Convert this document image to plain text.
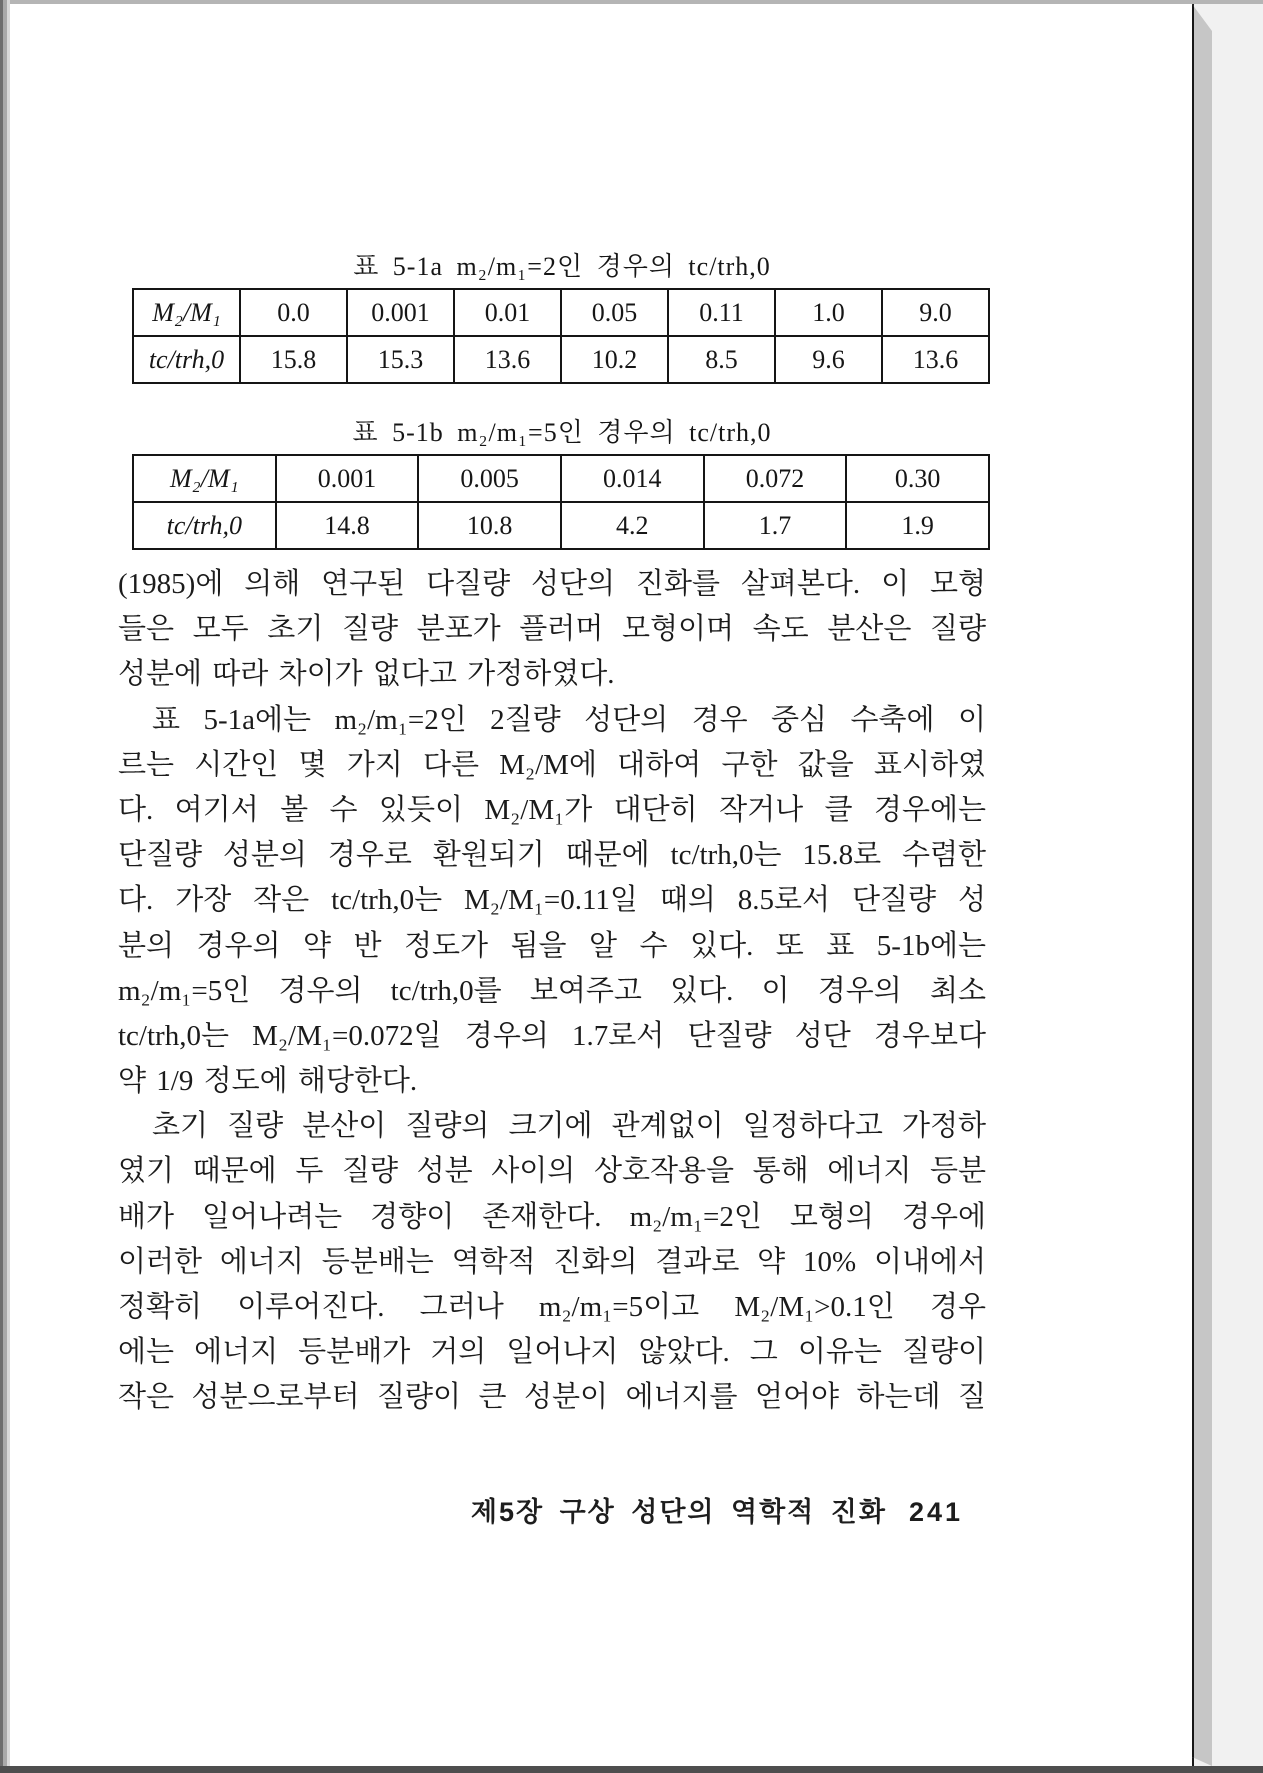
표 5-1a m₂/m₁=2인 경우의 tc/trh,0
M₂/M₁	0.0	0.001	0.01	0.05	0.11	1.0	9.0
tc/trh,0	15.8	15.3	13.6	10.2	8.5	9.6	13.6
표 5-1b m₂/m₁=5인 경우의 tc/trh,0
M₂/M₁	0.001	0.005	0.014	0.072	0.30
tc/trh,0	14.8	10.8	4.2	1.7	1.9
(1985)에 의해 연구된 다질량 성단의 진화를 살펴본다. 이 모형
들은 모두 초기 질량 분포가 플러머 모형이며 속도 분산은 질량
성분에 따라 차이가 없다고 가정하였다.
표 5-1a에는 m₂/m₁=2인 2질량 성단의 경우 중심 수축에 이
르는 시간인 몇 가지 다른 M₂/M에 대하여 구한 값을 표시하였
다. 여기서 볼 수 있듯이 M₂/M₁가 대단히 작거나 클 경우에는
단질량 성분의 경우로 환원되기 때문에 tc/trh,0는 15.8로 수렴한
다. 가장 작은 tc/trh,0는 M₂/M₁=0.11일 때의 8.5로서 단질량 성
분의 경우의 약 반 정도가 됨을 알 수 있다. 또 표 5-1b에는
m₂/m₁=5인 경우의 tc/trh,0를 보여주고 있다. 이 경우의 최소
tc/trh,0는 M₂/M₁=0.072일 경우의 1.7로서 단질량 성단 경우보다
약 1/9 정도에 해당한다.
초기 질량 분산이 질량의 크기에 관계없이 일정하다고 가정하
였기 때문에 두 질량 성분 사이의 상호작용을 통해 에너지 등분
배가 일어나려는 경향이 존재한다. m₂/m₁=2인 모형의 경우에
이러한 에너지 등분배는 역학적 진화의 결과로 약 10% 이내에서
정확히 이루어진다. 그러나 m₂/m₁=5이고 M₂/M₁>0.1인 경우
에는 에너지 등분배가 거의 일어나지 않았다. 그 이유는 질량이
작은 성분으로부터 질량이 큰 성분이 에너지를 얻어야 하는데 질
제5장 구상 성단의 역학적 진화 241
